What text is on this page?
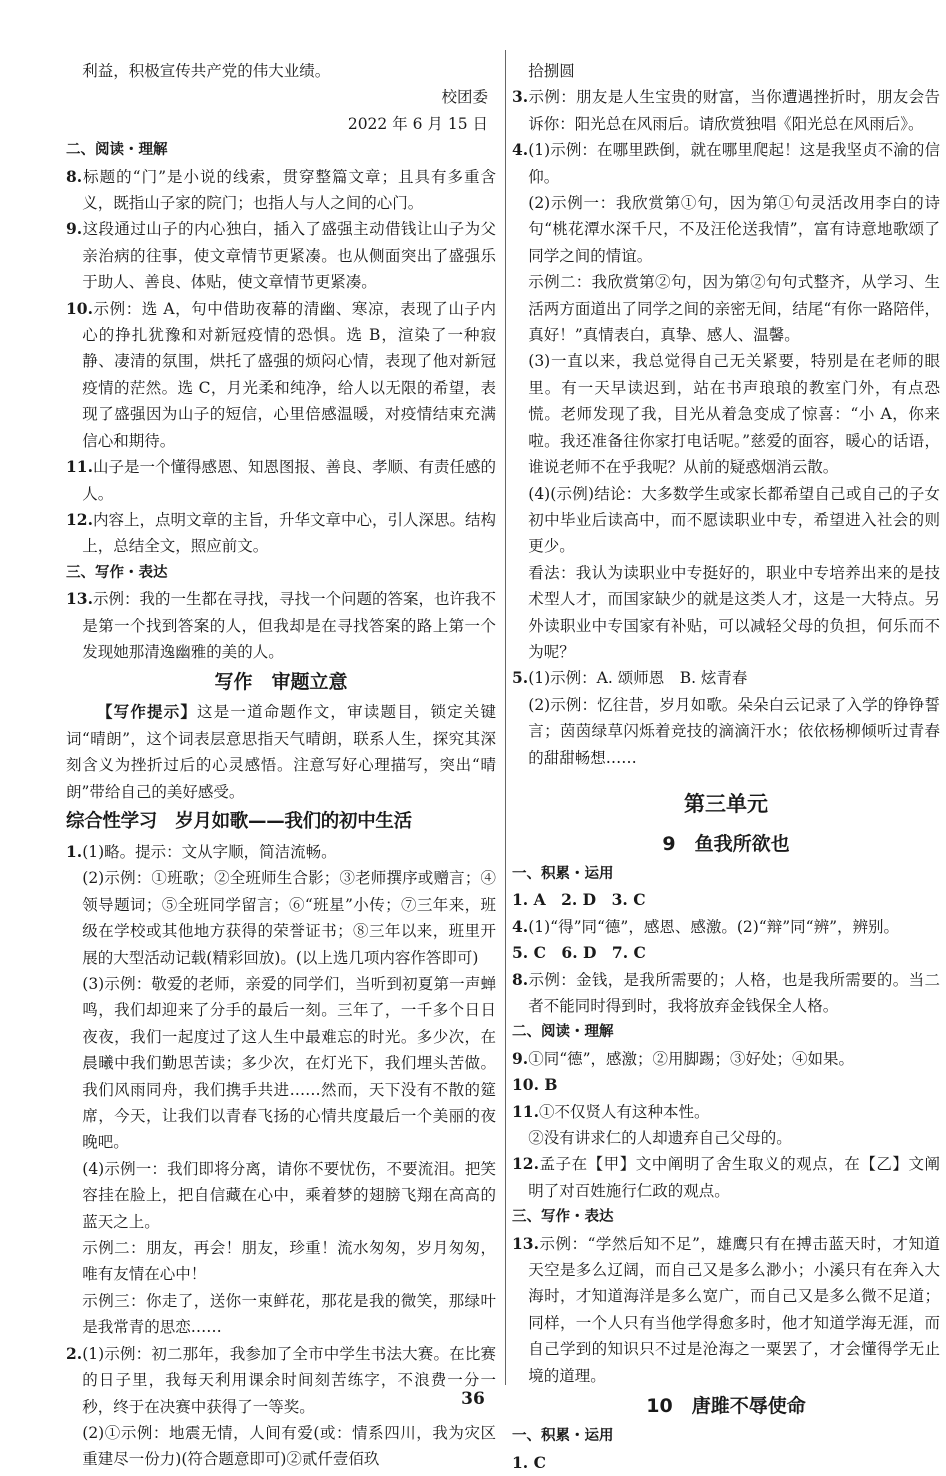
利益，积极宣传共产党的伟大业绩。

校团委

2022 年 6 月 15 日

二、阅读・理解

8.标题的“门”是小说的线索，贯穿整篇文章；且具有多重含义，既指山子家的院门；也指人与人之间的心门。

9.这段通过山子的内心独白，插入了盛强主动借钱让山子为父亲治病的往事，使文章情节更紧凑。也从侧面突出了盛强乐于助人、善良、体贴，使文章情节更紧凑。

10.示例：选 A，句中借助夜幕的清幽、寒凉，表现了山子内心的挣扎犹豫和对新冠疫情的恐惧。选 B，渲染了一种寂静、凄清的氛围，烘托了盛强的烦闷心情，表现了他对新冠疫情的茫然。选 C，月光柔和纯净，给人以无限的希望，表现了盛强因为山子的短信，心里倍感温暖，对疫情结束充满信心和期待。

11.山子是一个懂得感恩、知恩图报、善良、孝顺、有责任感的人。

12.内容上，点明文章的主旨，升华文章中心，引人深思。结构上，总结全文，照应前文。

三、写作・表达

13.示例：我的一生都在寻找，寻找一个问题的答案，也许我不是第一个找到答案的人，但我却是在寻找答案的路上第一个发现她那清逸幽雅的美的人。

写作　审题立意

【写作提示】这是一道命题作文，审读题目，锁定关键词“晴朗”，这个词表层意思指天气晴朗，联系人生，探究其深刻含义为挫折过后的心灵感悟。注意写好心理描写，突出“晴朗”带给自己的美好感受。

综合性学习　岁月如歌——我们的初中生活

1.(1)略。提示：文从字顺，简洁流畅。

(2)示例：①班歌；②全班师生合影；③老师撰序或赠言；④领导题词；⑤全班同学留言；⑥“班星”小传；⑦三年来，班级在学校或其他地方获得的荣誉证书；⑧三年以来，班里开展的大型活动记载(精彩回放)。(以上选几项内容作答即可)

(3)示例：敬爱的老师，亲爱的同学们，当听到初夏第一声蝉鸣，我们却迎来了分手的最后一刻。三年了，一千多个日日夜夜，我们一起度过了这人生中最难忘的时光。多少次，在晨曦中我们勤思苦读；多少次，在灯光下，我们埋头苦做。我们风雨同舟，我们携手共进……然而，天下没有不散的筵席，今天，让我们以青春飞扬的心情共度最后一个美丽的夜晚吧。

(4)示例一：我们即将分离，请你不要忧伤，不要流泪。把笑容挂在脸上，把自信藏在心中，乘着梦的翅膀飞翔在高高的蓝天之上。

示例二：朋友，再会！朋友，珍重！流水匆匆，岁月匆匆，唯有友情在心中！

示例三：你走了，送你一束鲜花，那花是我的微笑，那绿叶是我常青的思恋……

2.(1)示例：初二那年，我参加了全市中学生书法大赛。在比赛的日子里，我每天利用课余时间刻苦练字，不浪费一分一秒，终于在决赛中获得了一等奖。

(2)①示例：地震无情，人间有爱(或：情系四川，我为灾区重建尽一份力)(符合题意即可)②贰仟壹佰玖

拾捌圆

3.示例：朋友是人生宝贵的财富，当你遭遇挫折时，朋友会告诉你：阳光总在风雨后。请欣赏独唱《阳光总在风雨后》。

4.(1)示例：在哪里跌倒，就在哪里爬起！这是我坚贞不渝的信仰。

(2)示例一：我欣赏第①句，因为第①句灵活改用李白的诗句“桃花潭水深千尺，不及汪伦送我情”，富有诗意地歌颂了同学之间的情谊。

示例二：我欣赏第②句，因为第②句句式整齐，从学习、生活两方面道出了同学之间的亲密无间，结尾“有你一路陪伴，真好！”真情表白，真挚、感人、温馨。

(3)一直以来，我总觉得自己无关紧要，特别是在老师的眼里。有一天早读迟到，站在书声琅琅的教室门外，有点恐慌。老师发现了我，目光从着急变成了惊喜：“小 A，你来啦。我还准备往你家打电话呢。”慈爱的面容，暖心的话语，谁说老师不在乎我呢？从前的疑惑烟消云散。

(4)(示例)结论：大多数学生或家长都希望自己或自己的子女初中毕业后读高中，而不愿读职业中专，希望进入社会的则更少。

看法：我认为读职业中专挺好的，职业中专培养出来的是技术型人才，而国家缺少的就是这类人才，这是一大特点。另外读职业中专国家有补贴，可以减轻父母的负担，何乐而不为呢？

5.(1)示例：A. 颂师恩　B. 炫青春

(2)示例：忆往昔，岁月如歌。朵朵白云记录了入学的铮铮誓言；茵茵绿草闪烁着竞技的滴滴汗水；依依杨柳倾听过青春的甜甜畅想……

第三单元

9　鱼我所欲也

一、积累・运用

1. A　2. D　3. C

4.(1)“得”同“德”，感恩、感激。(2)“辩”同“辨”，辨别。

5. C　6. D　7. C

8.示例：金钱，是我所需要的；人格，也是我所需要的。当二者不能同时得到时，我将放弃金钱保全人格。

二、阅读・理解

9.①同“德”，感激；②用脚踢；③好处；④如果。

10. B

11.①不仅贤人有这种本性。

②没有讲求仁的人却遗弃自己父母的。

12.孟子在【甲】文中阐明了舍生取义的观点，在【乙】文阐明了对百姓施行仁政的观点。

三、写作・表达

13.示例：“学然后知不足”，雄鹰只有在搏击蓝天时，才知道天空是多么辽阔，而自己又是多么渺小；小溪只有在奔入大海时，才知道海洋是多么宽广，而自己又是多么微不足道；同样，一个人只有当他学得愈多时，他才知道学海无涯，而自己学到的知识只不过是沧海之一粟罢了，才会懂得学无止境的道理。

10　唐雎不辱使命

一、积累・运用

1. C

36
